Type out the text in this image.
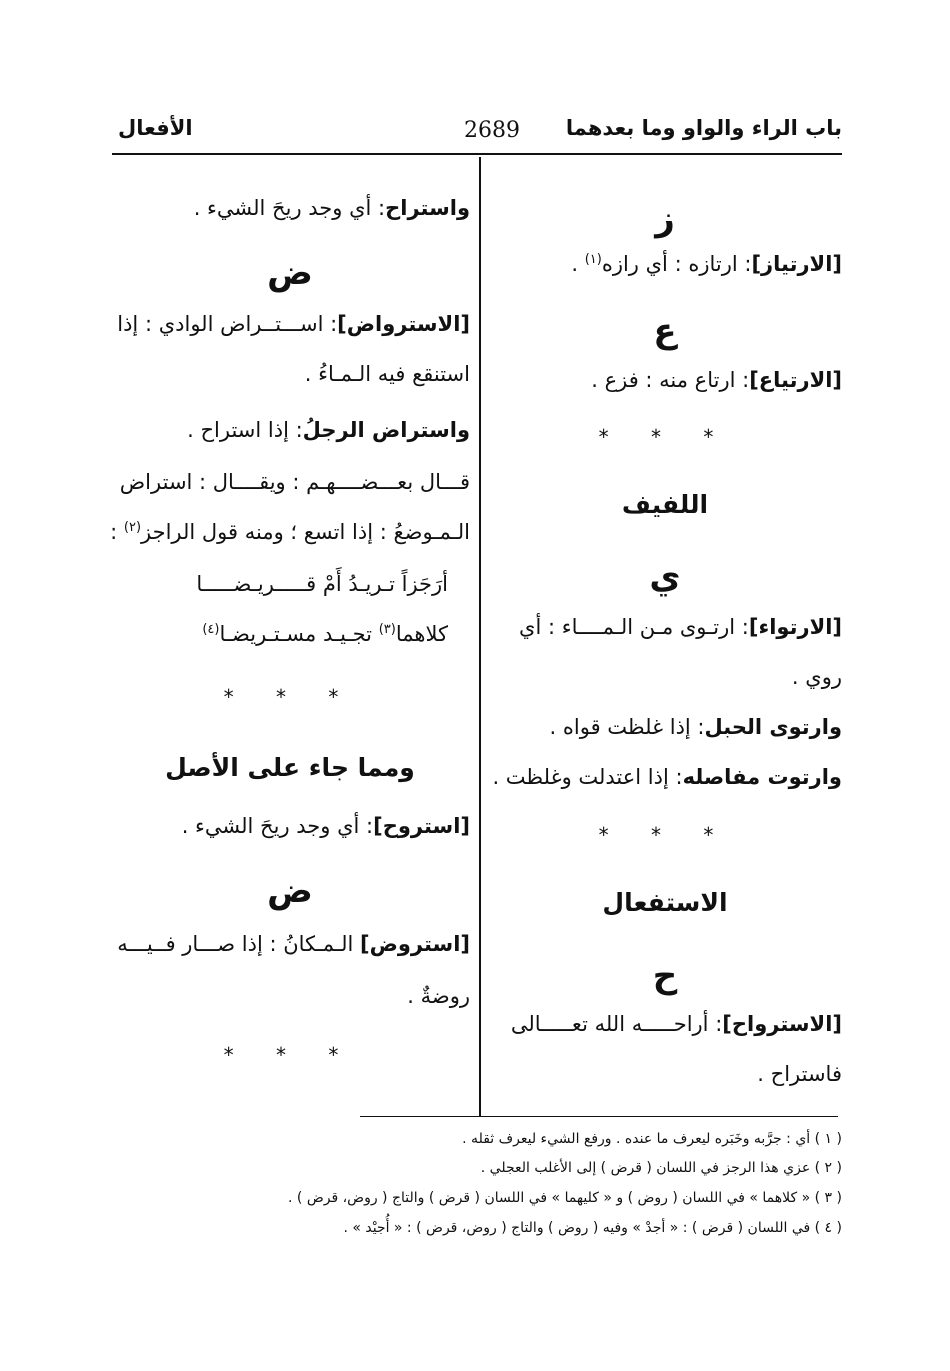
باب الراء والواو وما بعدهما
2689
الأفعال
ز
[الارتياز]: ارتازه : أي رازه$^{(١)}$ .
ع
[الارتياع]: ارتاع منه : فزع .
* * *
اللفيف
ي
[الارتواء]: ارتـوى مـن الـمــــاء : أي
روي .
وارتوى الحبل: إذا غلظت قواه .
وارتوت مفاصله: إذا اعتدلت وغلظت .
* * *
الاستفعال
ح
[الاسترواح]: أراحـــــه الله تعـــــالى
فاستراح .
واستراح: أي وجد ريحَ الشيء .
ض
[الاسترواض]: اســـتــراض الوادي : إذا
استنقع فيه الـمـاءُ .
واستراض الرجلُ: إذا استراح .
قـــال بعـــضــــهـم : ويقــــال : استراض
الـمـوضعُ : إذا اتسع ؛ ومنه قول الراجز$^{(٢)}$ :
أرَجَزاً تـريـدُ أَمْ قـــــريـضـــــا
كلاهما$^{(٣)}$ تجـيـد مسـتـريضـا$^{(٤)}$
* * *
ومما جاء على الأصل
[استروح]: أي وجد ريحَ الشيء .
ض
[استروض] الـمـكانُ : إذا صـــار فــيـــه
روضةٌ .
* * *
( ١ ) أي : جرَّبه وخَبَره ليعرف ما عنده . ورفع الشيء ليعرف ثقله .
( ٢ ) عزي هذا الرجز في اللسان ( قرض ) إلى الأغلب العجلي .
( ٣ ) « كلاهما » في اللسان ( روض ) و « كليهما » في اللسان ( قرض ) والتاج ( روض، قرض ) .
( ٤ ) في اللسان ( قرض ) : « أجدْ » وفيه ( روض ) والتاج ( روض، قرض ) : « أُجيْد » .
